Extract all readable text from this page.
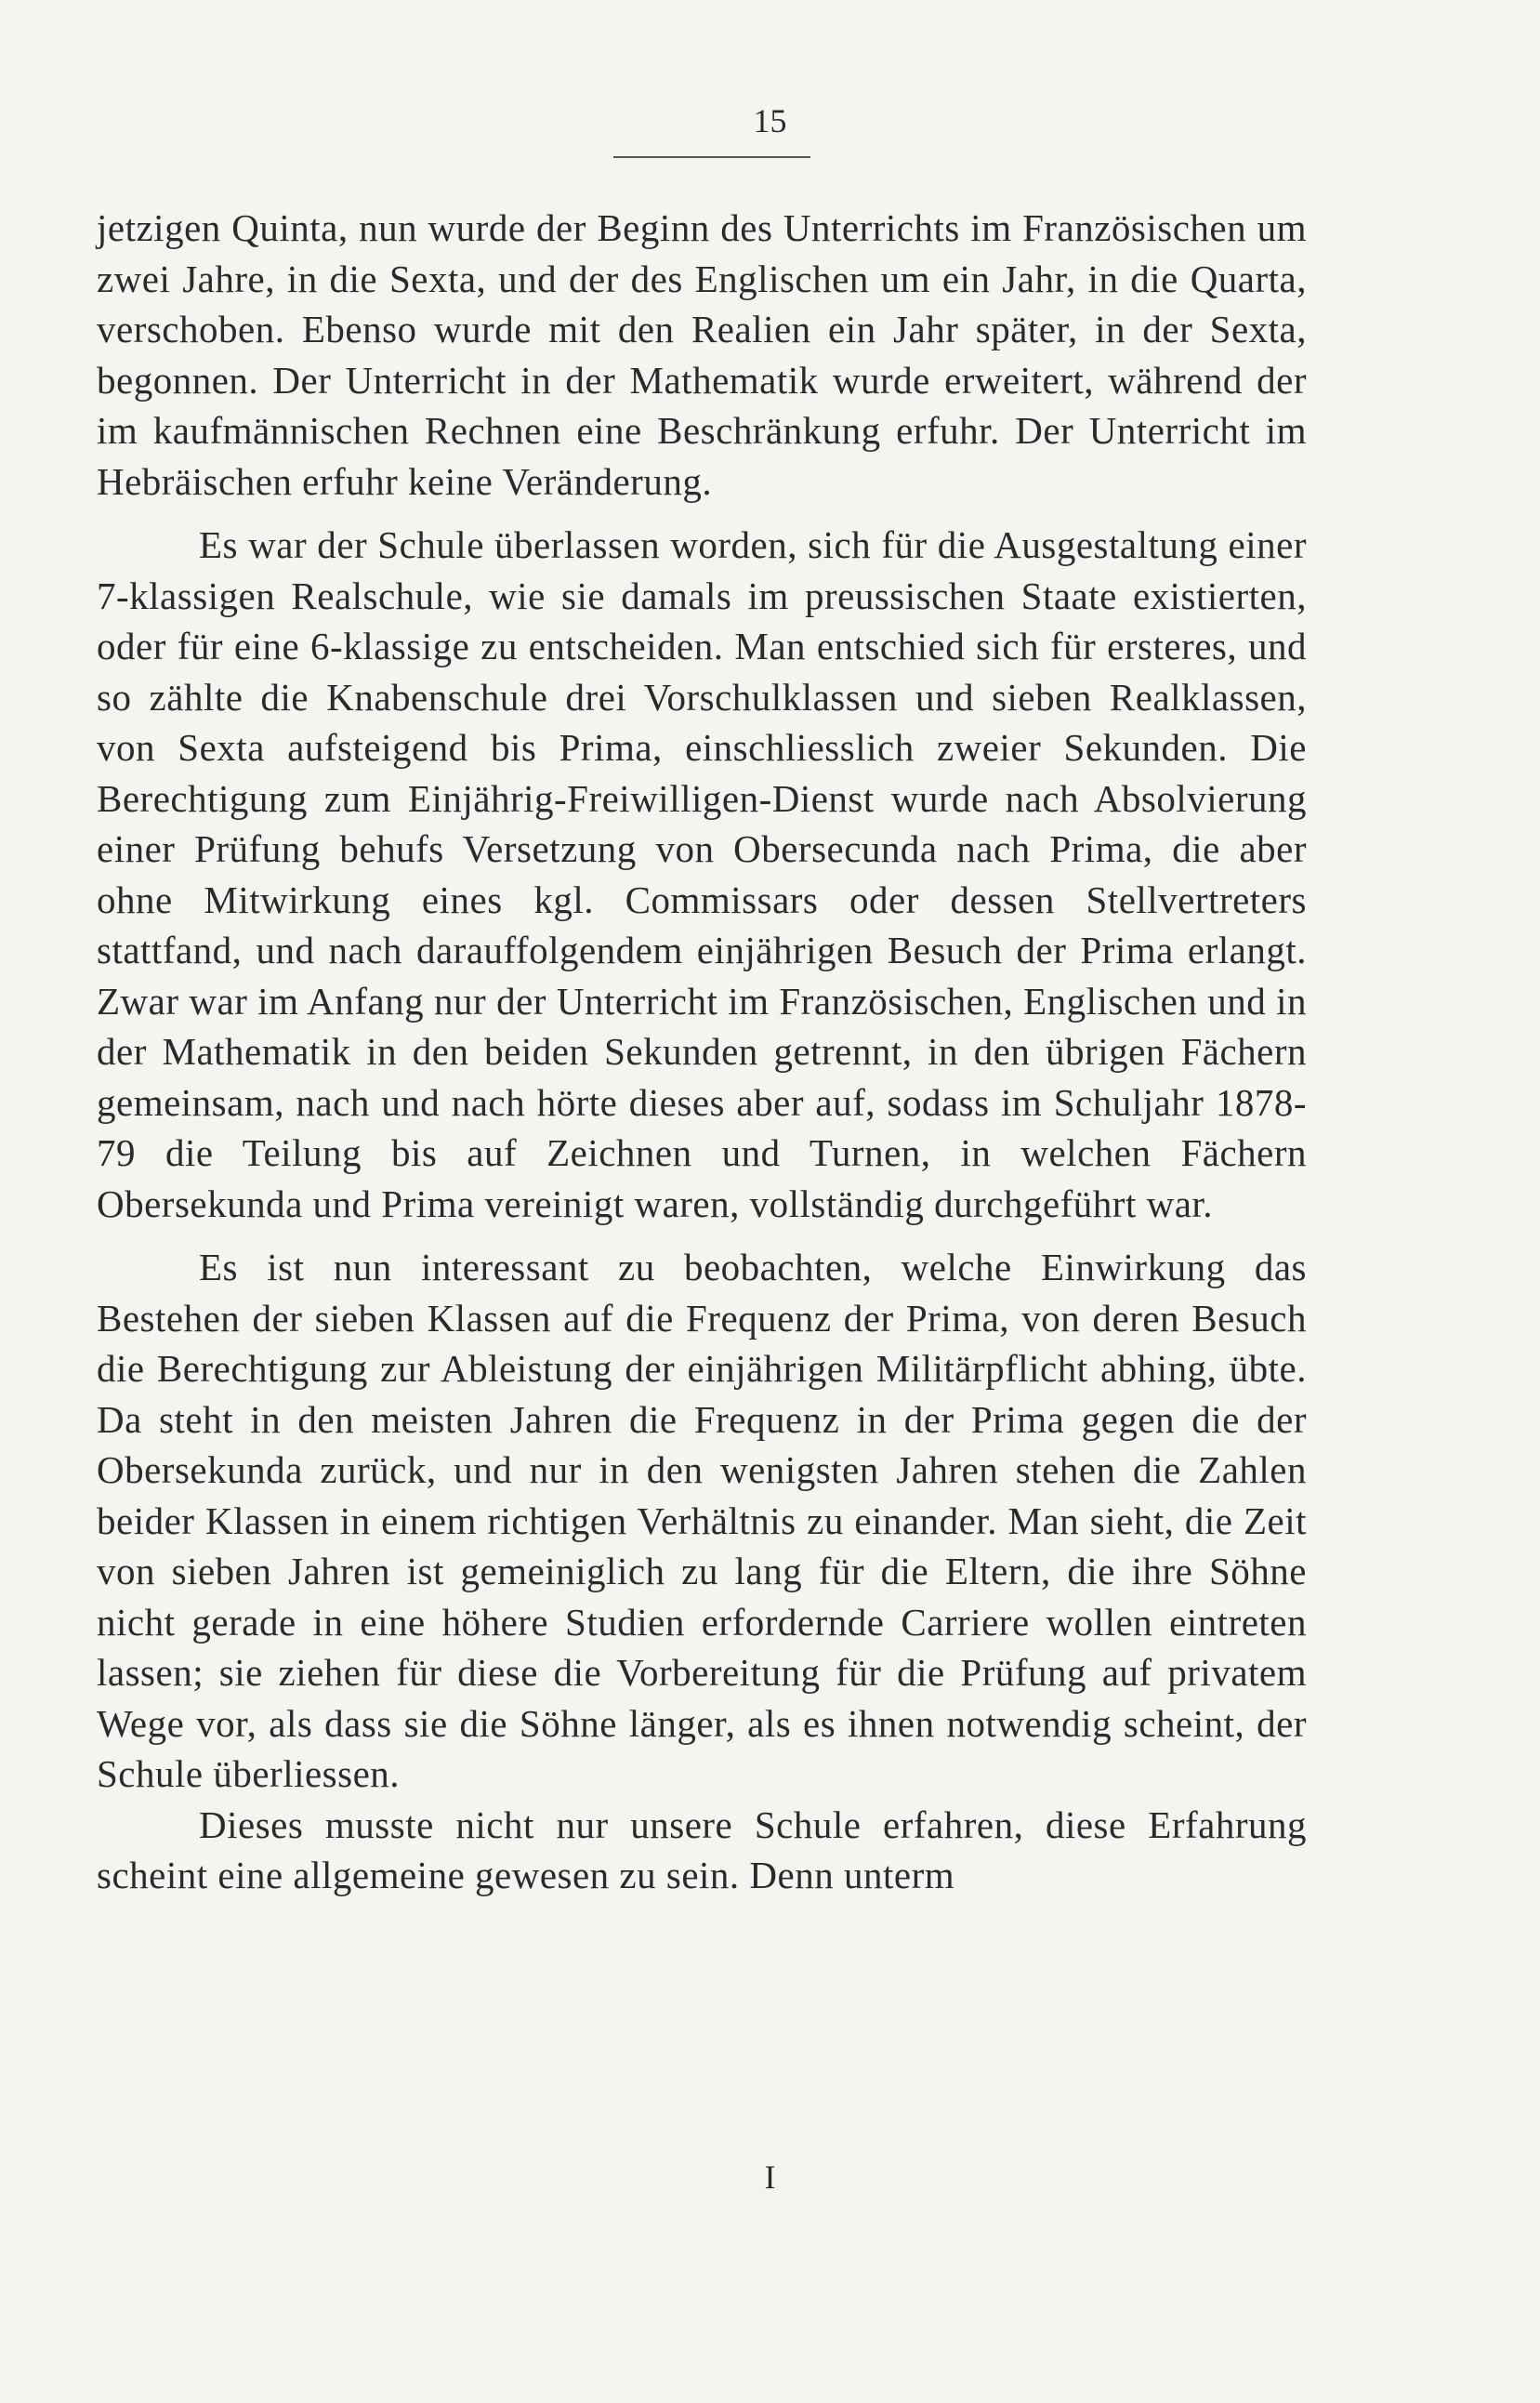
15

jetzigen Quinta, nun wurde der Beginn des Unterrichts im Französischen um zwei Jahre, in die Sexta, und der des Englischen um ein Jahr, in die Quarta, verschoben. Ebenso wurde mit den Realien ein Jahr später, in der Sexta, begonnen. Der Unterricht in der Mathematik wurde erweitert, während der im kaufmännischen Rechnen eine Beschränkung erfuhr. Der Unterricht im Hebräischen erfuhr keine Veränderung.

Es war der Schule überlassen worden, sich für die Ausgestaltung einer 7-klassigen Realschule, wie sie damals im preussischen Staate existierten, oder für eine 6-klassige zu entscheiden. Man entschied sich für ersteres, und so zählte die Knabenschule drei Vorschulklassen und sieben Realklassen, von Sexta aufsteigend bis Prima, einschliesslich zweier Sekunden. Die Berechtigung zum Einjährig-Freiwilligen-Dienst wurde nach Absolvierung einer Prüfung behufs Versetzung von Obersecunda nach Prima, die aber ohne Mitwirkung eines kgl. Commissars oder dessen Stellvertreters stattfand, und nach darauffolgendem einjährigen Besuch der Prima erlangt. Zwar war im Anfang nur der Unterricht im Französischen, Englischen und in der Mathematik in den beiden Sekunden getrennt, in den übrigen Fächern gemeinsam, nach und nach hörte dieses aber auf, sodass im Schuljahr 1878-79 die Teilung bis auf Zeichnen und Turnen, in welchen Fächern Obersekunda und Prima vereinigt waren, vollständig durchgeführt war.

Es ist nun interessant zu beobachten, welche Einwirkung das Bestehen der sieben Klassen auf die Frequenz der Prima, von deren Besuch die Berechtigung zur Ableistung der einjährigen Militärpflicht abhing, übte. Da steht in den meisten Jahren die Frequenz in der Prima gegen die der Obersekunda zurück, und nur in den wenigsten Jahren stehen die Zahlen beider Klassen in einem richtigen Verhältnis zu einander. Man sieht, die Zeit von sieben Jahren ist gemeiniglich zu lang für die Eltern, die ihre Söhne nicht gerade in eine höhere Studien erfordernde Carriere wollen eintreten lassen; sie ziehen für diese die Vorbereitung für die Prüfung auf privatem Wege vor, als dass sie die Söhne länger, als es ihnen notwendig scheint, der Schule überliessen.

Dieses musste nicht nur unsere Schule erfahren, diese Erfahrung scheint eine allgemeine gewesen zu sein. Denn unterm

I
